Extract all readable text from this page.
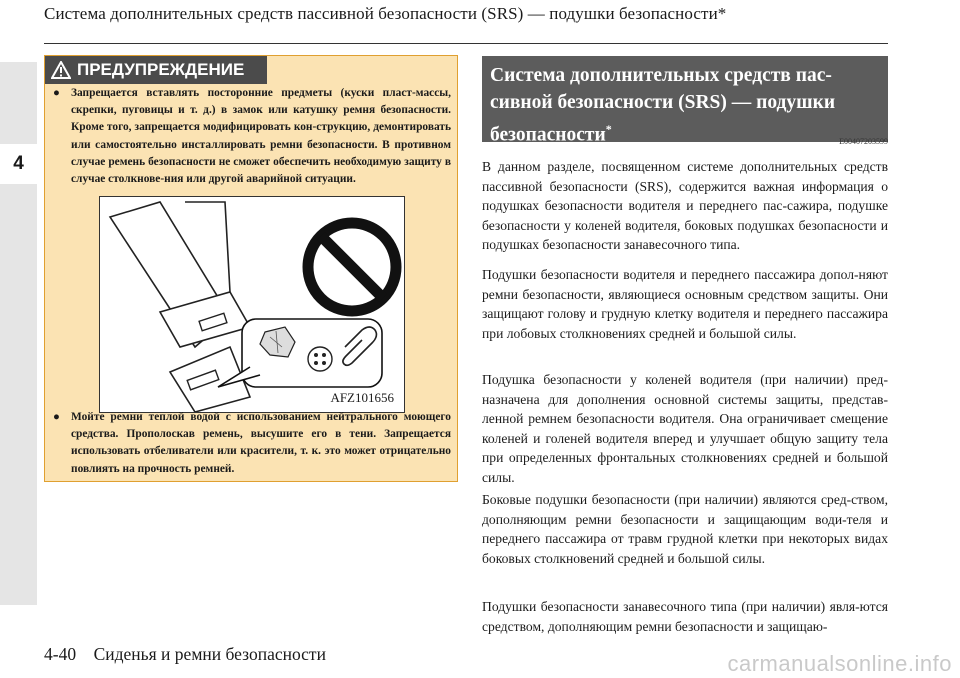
Система дополнительных средств пассивной безопасности (SRS) — подушки безопасности*
4
ПРЕДУПРЕЖДЕНИЕ
● Запрещается вставлять посторонние предметы (куски пласт-массы, скрепки, пуговицы и т. д.) в замок или катушку ремня безопасности. Кроме того, запрещается модифицировать кон-струкцию, демонтировать или самостоятельно инсталлировать ремни безопасности. В противном случае ремень безопасности не сможет обеспечить необходимую защиту в случае столкнове-ния или другой аварийной ситуации.
AFZ101656
● Мойте ремни теплой водой с использованием нейтрального моющего средства. Прополоскав ремень, высушите его в тени. Запрещается использовать отбеливатели или красители, т. к. это может отрицательно повлиять на прочность ремней.
Система дополнительных средств пас-сивной безопасности (SRS) — подушки безопасности*
E00407203599
В данном разделе, посвященном системе дополнительных средств пассивной безопасности (SRS), содержится важная информация о подушках безопасности водителя и переднего пас-сажира, подушке безопасности у коленей водителя, боковых подушках безопасности и подушках безопасности занавесочного типа.
Подушки безопасности водителя и переднего пассажира допол-няют ремни безопасности, являющиеся основным средством защиты. Они защищают голову и грудную клетку водителя и переднего пассажира при лобовых столкновениях средней и большой силы.
Подушка безопасности у коленей водителя (при наличии) пред-назначена для дополнения основной системы защиты, представ-ленной ремнем безопасности водителя. Она ограничивает смещение коленей и голеней водителя вперед и улучшает общую защиту тела при определенных фронтальных столкновениях средней и большой силы.
Боковые подушки безопасности (при наличии) являются сред-ством, дополняющим ремни безопасности и защищающим води-теля и переднего пассажира от травм грудной клетки при некоторых видах боковых столкновений средней и большой силы.
Подушки безопасности занавесочного типа (при наличии) явля-ются средством, дополняющим ремни безопасности и защищаю-
4-40 Сиденья и ремни безопасности	carmanualsonline.info
